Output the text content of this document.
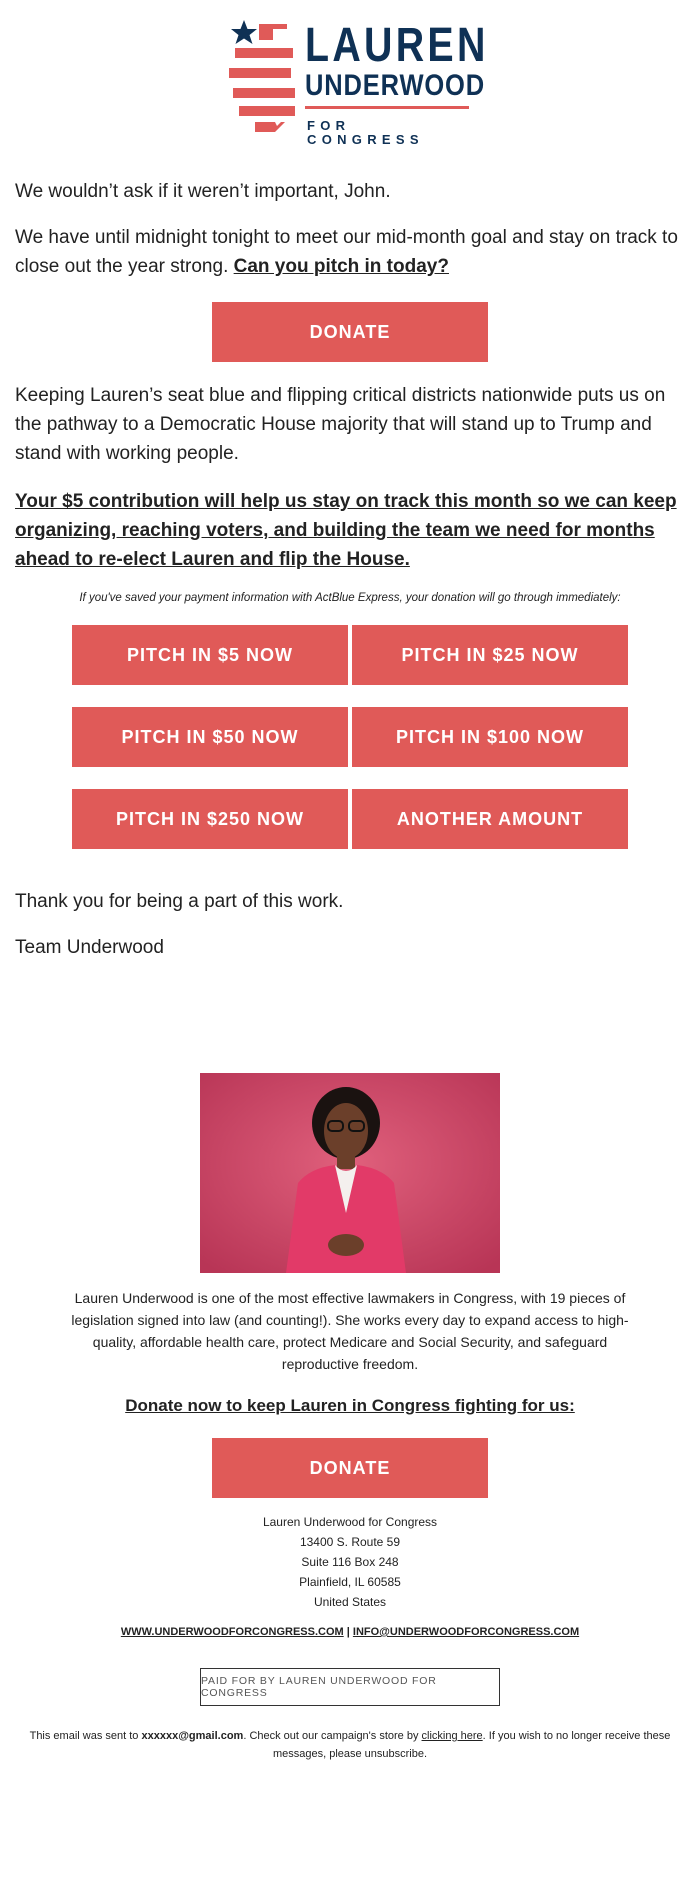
LAUREN
UNDERWOOD
FOR CONGRESS

We wouldn’t ask if it weren’t important, John.

We have until midnight tonight to meet our mid-month goal and stay on track to close out the year strong. Can you pitch in today?

DONATE

Keeping Lauren’s seat blue and flipping critical districts nationwide puts us on the pathway to a Democratic House majority that will stand up to Trump and stand with working people.

Your $5 contribution will help us stay on track this month so we can keep organizing, reaching voters, and building the team we need for months ahead to re-elect Lauren and flip the House.

If you've saved your payment information with ActBlue Express, your donation will go through immediately:
PITCH IN $5 NOW	PITCH IN $25 NOW
PITCH IN $50 NOW	PITCH IN $100 NOW
PITCH IN $250 NOW	ANOTHER AMOUNT

Thank you for being a part of this work.

Team Underwood

Lauren Underwood is one of the most effective lawmakers in Congress, with 19 pieces of legislation signed into law (and counting!). She works every day to expand access to high-quality, affordable health care, protect Medicare and Social Security, and safeguard reproductive freedom.
Donate now to keep Lauren in Congress fighting for us:
DONATE
Lauren Underwood for Congress
13400 S. Route 59
Suite 116 Box 248
Plainfield, IL 60585
United States
WWW.UNDERWOODFORCONGRESS.COM | INFO@UNDERWOODFORCONGRESS.COM
PAID FOR BY LAUREN UNDERWOOD FOR CONGRESS
This email was sent to xxxxxx@gmail.com. Check out our campaign's store by clicking here. If you wish to no longer receive these messages, please unsubscribe.
